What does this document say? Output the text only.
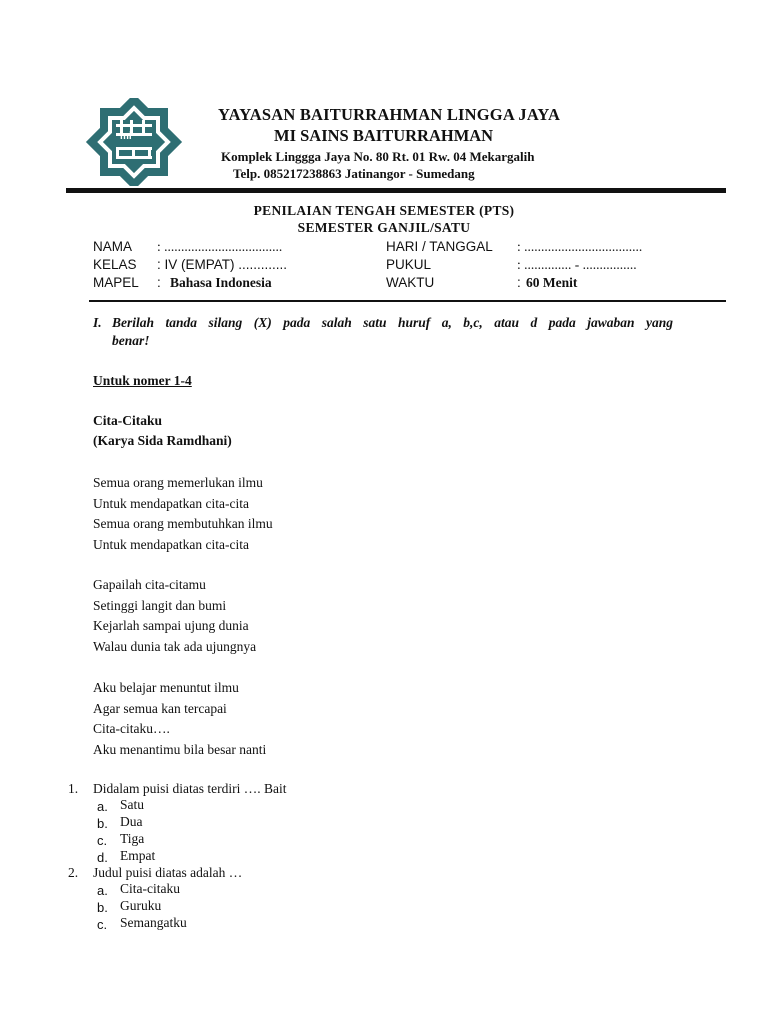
mi
YAYASAN BAITURRAHMAN LINGGA JAYA
MI SAINS BAITURRAHMAN
Komplek Linggga Jaya No. 80 Rt. 01 Rw. 04 Mekargalih
Telp. 085217238863 Jatinangor - Sumedang
PENILAIAN TENGAH SEMESTER (PTS)
SEMESTER GANJIL/SATU
NAMA : ...................................
KELAS : IV (EMPAT) .............
MAPEL : Bahasa Indonesia
HARI / TANGGAL : ...................................
PUKUL	: .............. - ................
WAKTU	: 60 Menit
I. Berilah tanda silang (X) pada salah satu huruf a, b,c, atau d pada jawaban yang
benar!
Untuk nomer 1-4
Cita-Citaku
(Karya Sida Ramdhani)
Semua orang memerlukan ilmu
Untuk mendapatkan cita-cita
Semua orang membutuhkan ilmu
Untuk mendapatkan cita-cita
Gapailah cita-citamu
Setinggi langit dan bumi
Kejarlah sampai ujung dunia
Walau dunia tak ada ujungnya
Aku belajar menuntut ilmu
Agar semua kan tercapai
Cita-citaku….
Aku menantimu bila besar nanti
1. Didalam puisi diatas terdiri …. Bait
a. Satu
b. Dua
c. Tiga
d. Empat
2. Judul puisi diatas adalah …
a. Cita-citaku
b. Guruku
c. Semangatku
